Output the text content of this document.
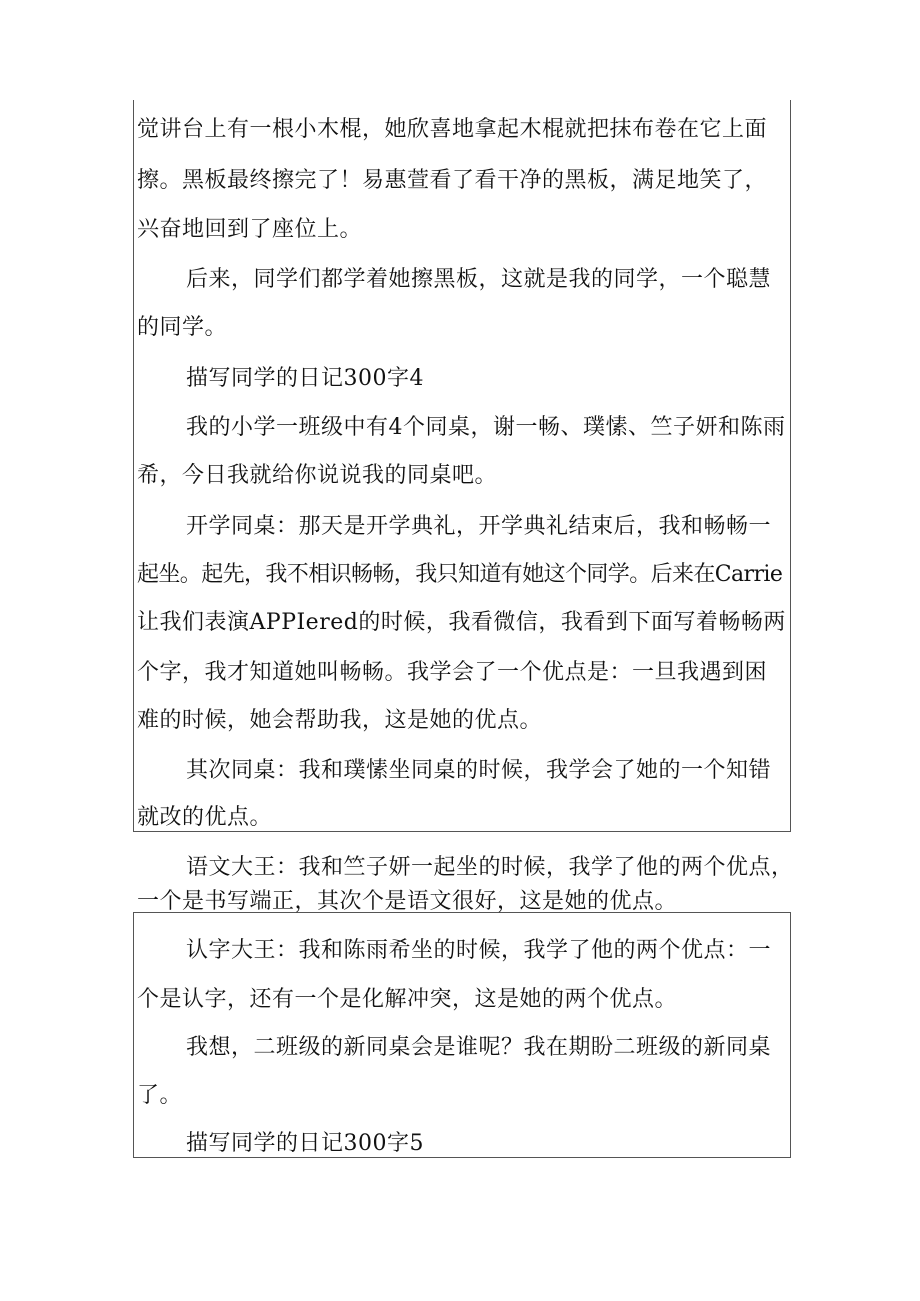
觉讲台上有一根小木棍，她欣喜地拿起木棍就把抹布卷在它上面
擦。黑板最终擦完了！易惠萱看了看干净的黑板，满足地笑了，
兴奋地回到了座位上。
后来，同学们都学着她擦黑板，这就是我的同学，一个聪慧
的同学。
描写同学的日记300字4
我的小学一班级中有4个同桌，谢一畅、璞愫、竺子妍和陈雨
希，今日我就给你说说我的同桌吧。
开学同桌：那天是开学典礼，开学典礼结束后，我和畅畅一
起坐。起先，我不相识畅畅，我只知道有她这个同学。后来在Carrie
让我们表演APPIered的时候，我看微信，我看到下面写着畅畅两
个字，我才知道她叫畅畅。我学会了一个优点是：一旦我遇到困
难的时候，她会帮助我，这是她的优点。
其次同桌：我和璞愫坐同桌的时候，我学会了她的一个知错
就改的优点。
语文大王：我和竺子妍一起坐的时候，我学了他的两个优点，
一个是书写端正，其次个是语文很好，这是她的优点。
认字大王：我和陈雨希坐的时候，我学了他的两个优点：一
个是认字，还有一个是化解冲突，这是她的两个优点。
我想，二班级的新同桌会是谁呢？我在期盼二班级的新同桌
了。
描写同学的日记300字5
